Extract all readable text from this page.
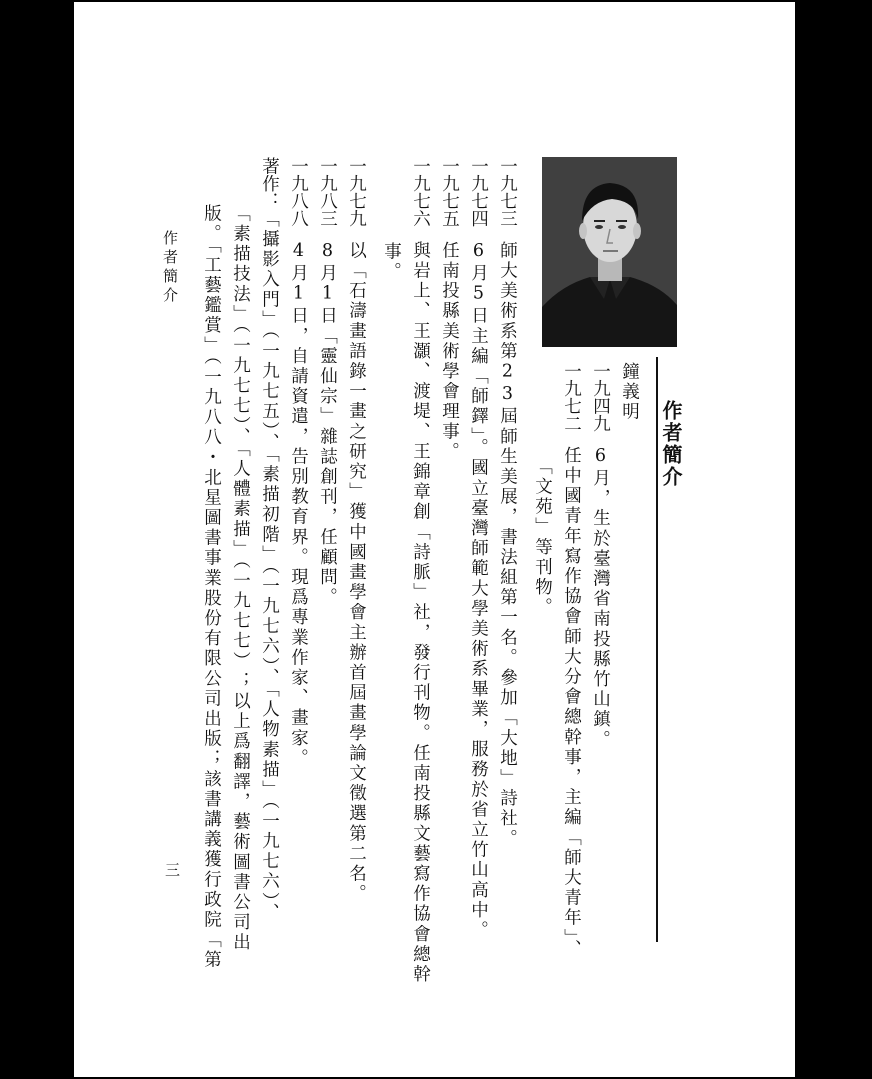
作者簡介
鐘義明
一九四九6月，生於臺灣省南投縣竹山鎮。
一九七二任中國青年寫作協會師大分會總幹事，主編「師大青年」、
「文苑」等刊物。
一九七三師大美術系第23屆師生美展，書法組第一名。參加「大地」詩社。
一九七四6月5日主編「師鐸」。國立臺灣師範大學美術系畢業，服務於省立竹山高中。
一九七五任南投縣美術學會理事。
一九七六與岩上、王灝、渡堤、王錦章創「詩脈」社，發行刊物。任南投縣文藝寫作協會總幹
事。
一九七九以「石濤畫語錄一畫之研究」獲中國畫學會主辦首屆畫學論文徵選第二名。
一九八三8月1日「靈仙宗」雜誌創刊，任顧問。
一九八八4月1日，自請資遣，告別教育界。現爲專業作家、畫家。
著作：「攝影入門」（一九七五）、「素描初階」（一九七六）、「人物素描」（一九七六）、
「素描技法」（一九七七）、「人體素描」（一九七七）；以上爲翻譯，藝術圖書公司出
版。「工藝鑑賞」（一九八八・北星圖書事業股份有限公司出版；該書講義獲行政院「第
作者簡介
三
